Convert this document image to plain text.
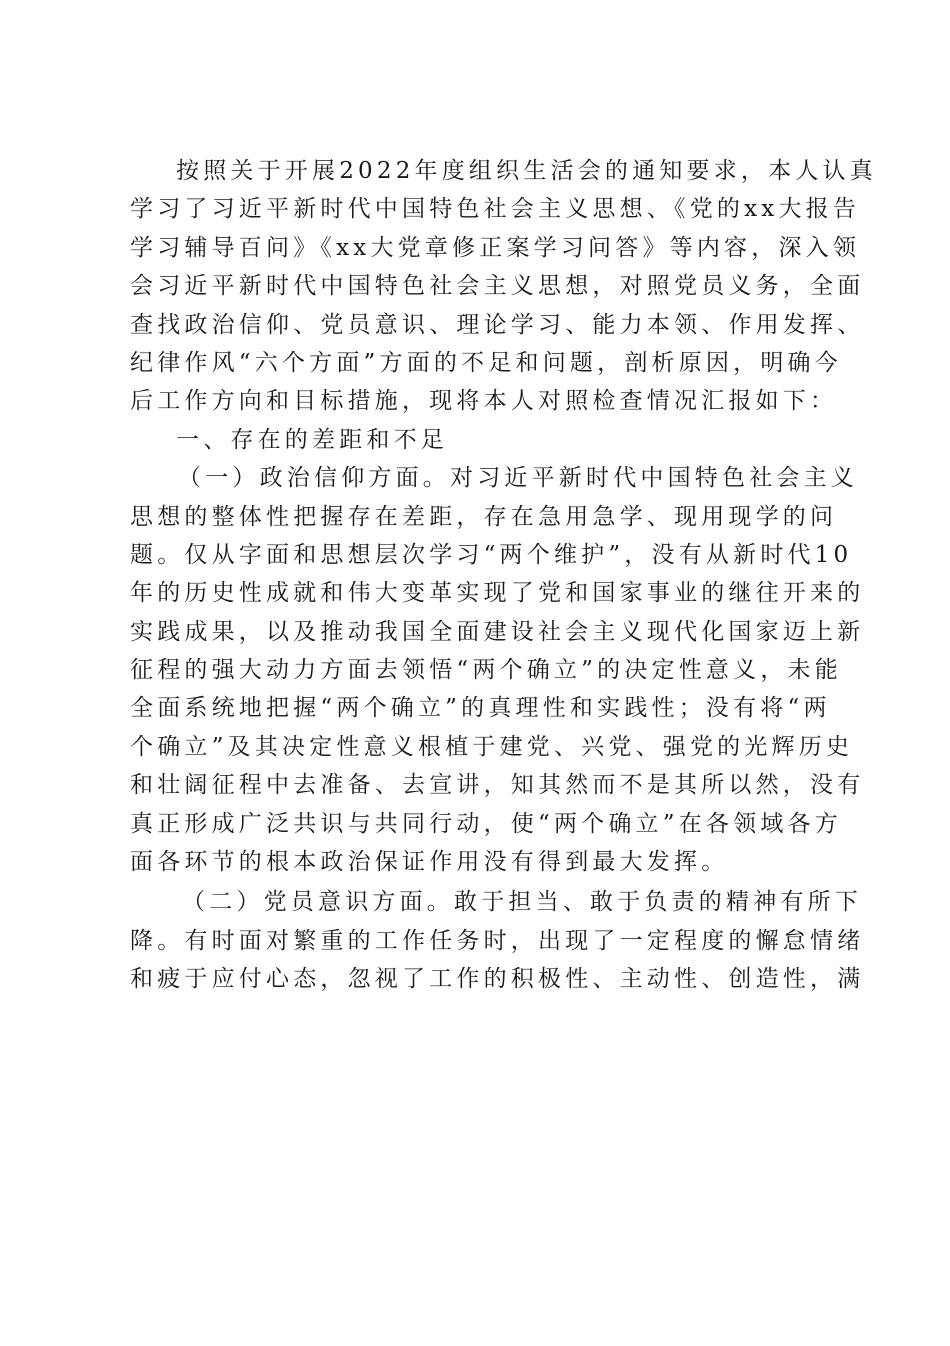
按照关于开展2022年度组织生活会的通知要求，本人认真
学习了习近平新时代中国特色社会主义思想、《党的xx大报告
学习辅导百问》《xx大党章修正案学习问答》等内容，深入领
会习近平新时代中国特色社会主义思想，对照党员义务，全面
查找政治信仰、党员意识、理论学习、能力本领、作用发挥、
纪律作风“六个方面”方面的不足和问题，剖析原因，明确今
后工作方向和目标措施，现将本人对照检查情况汇报如下：
一、存在的差距和不足
（一）政治信仰方面。对习近平新时代中国特色社会主义
思想的整体性把握存在差距，存在急用急学、现用现学的问
题。仅从字面和思想层次学习“两个维护”，没有从新时代10
年的历史性成就和伟大变革实现了党和国家事业的继往开来的
实践成果，以及推动我国全面建设社会主义现代化国家迈上新
征程的强大动力方面去领悟“两个确立”的决定性意义，未能
全面系统地把握“两个确立”的真理性和实践性；没有将“两
个确立”及其决定性意义根植于建党、兴党、强党的光辉历史
和壮阔征程中去准备、去宣讲，知其然而不是其所以然，没有
真正形成广泛共识与共同行动，使“两个确立”在各领域各方
面各环节的根本政治保证作用没有得到最大发挥。
（二）党员意识方面。敢于担当、敢于负责的精神有所下
降。有时面对繁重的工作任务时，出现了一定程度的懈怠情绪
和疲于应付心态，忽视了工作的积极性、主动性、创造性，满
